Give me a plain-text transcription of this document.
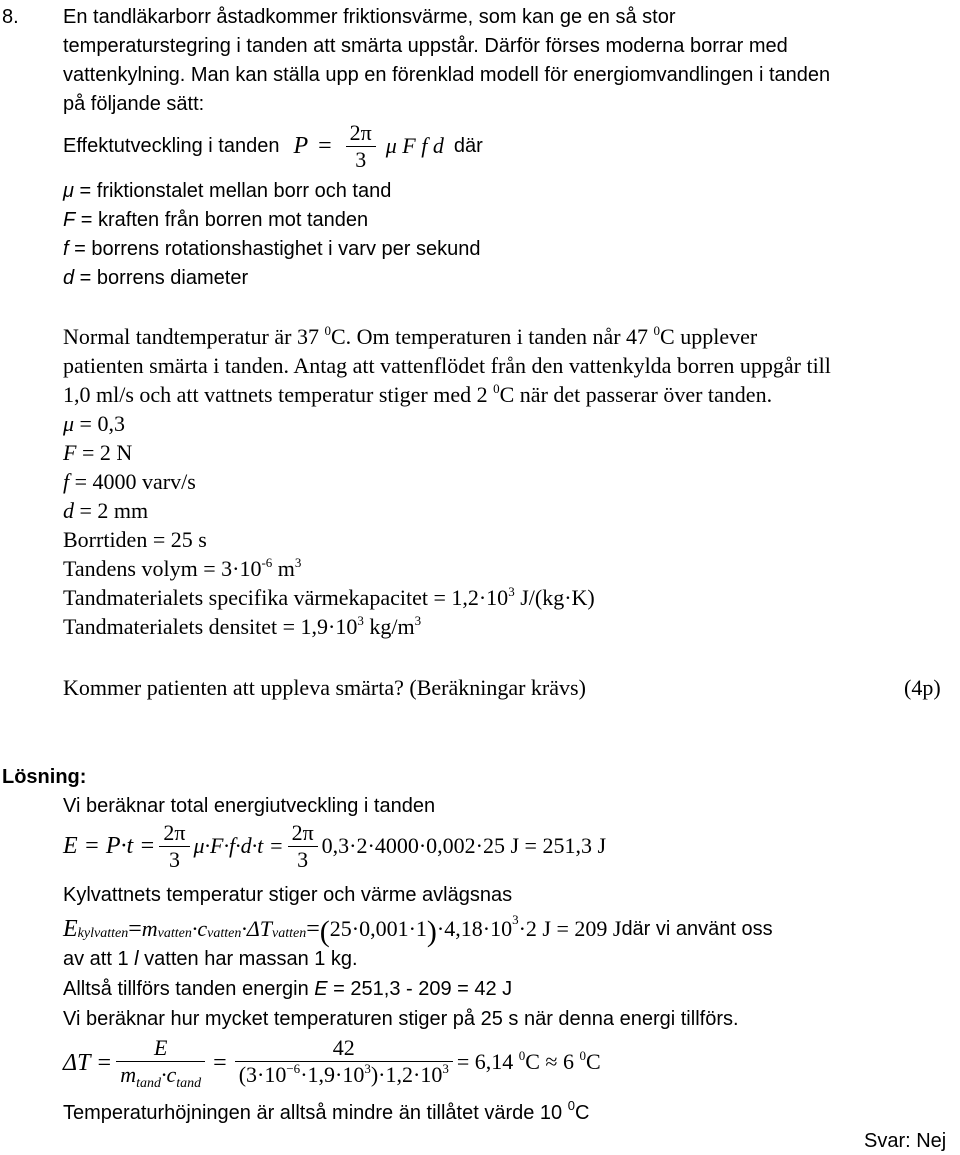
8. En tandläkarborr åstadkommer friktionsvärme, som kan ge en så stor
temperaturstegring i tanden att smärta uppstår. Därför förses moderna borrar med
vattenkylning. Man kan ställa upp en förenklad modell för energiomvandlingen i tanden
på följande sätt:
Effektutveckling i tanden $P = \frac{2\pi}{3}$ μ F f d där
μ = friktionstalet mellan borr och tand
F = kraften från borren mot tanden
f = borrens rotationshastighet i varv per sekund
d = borrens diameter
Normal tandtemperatur är 37 $^0$C. Om temperaturen i tanden når 47 $^0$C upplever
patienten smärta i tanden. Antag att vattenflödet från den vattenkylda borren uppgår till
1,0 ml/s och att vattnets temperatur stiger med 2 $^0$C när det passerar över tanden.
μ = 0,3
F = 2 N
f = 4000 varv/s
d = 2 mm
Borrtiden = 25 s
Tandens volym = $3\cdot 10^{-6}$ $m^3$
Tandmaterialets specifika värmekapacitet = $1,2\cdot 10^3$ J/(kg·K)
Tandmaterialets densitet = $1,9\cdot 10^3$ $kg/m^3$
Kommer patienten att uppleva smärta? (Beräkningar krävs)	(4p)
Lösning:
Vi beräknar total energiutveckling i tanden
$E = P\cdot t = \frac{2\pi}{3} \mu\cdot F\cdot f\cdot d\cdot t = \frac{2\pi}{3} 0,3\cdot 2\cdot 4000\cdot 0,002\cdot 25$ J = 251,3 J
Kylvattnets temperatur stiger och värme avlägsnas
$E_{kylvatten} = m_{vatten} \cdot c_{vatten} \cdot\Delta T_{vatten}$ = ( 25·0,001·1 ) $\cdot 4,18\cdot 10^3 \cdot 2$ J = 209 J där vi använt oss
av att 1 l vatten har massan 1 kg.
Alltså tillförs tanden energin E = 251,3 - 209 = 42 J
Vi beräknar hur mycket temperaturen stiger på 25 s när denna energi tillförs.
$\Delta T = \frac{E}{m_{tand}\cdot c_{tand}} = \frac{42}{(3\cdot 10^{-6}\cdot 1,9\cdot 10^3)\cdot 1,2\cdot 10^3} = 6,14$ $^0$C ≈ 6 $^0$C
Temperaturhöjningen är alltså mindre än tillåtet värde 10 $^0$C
Svar: Nej
